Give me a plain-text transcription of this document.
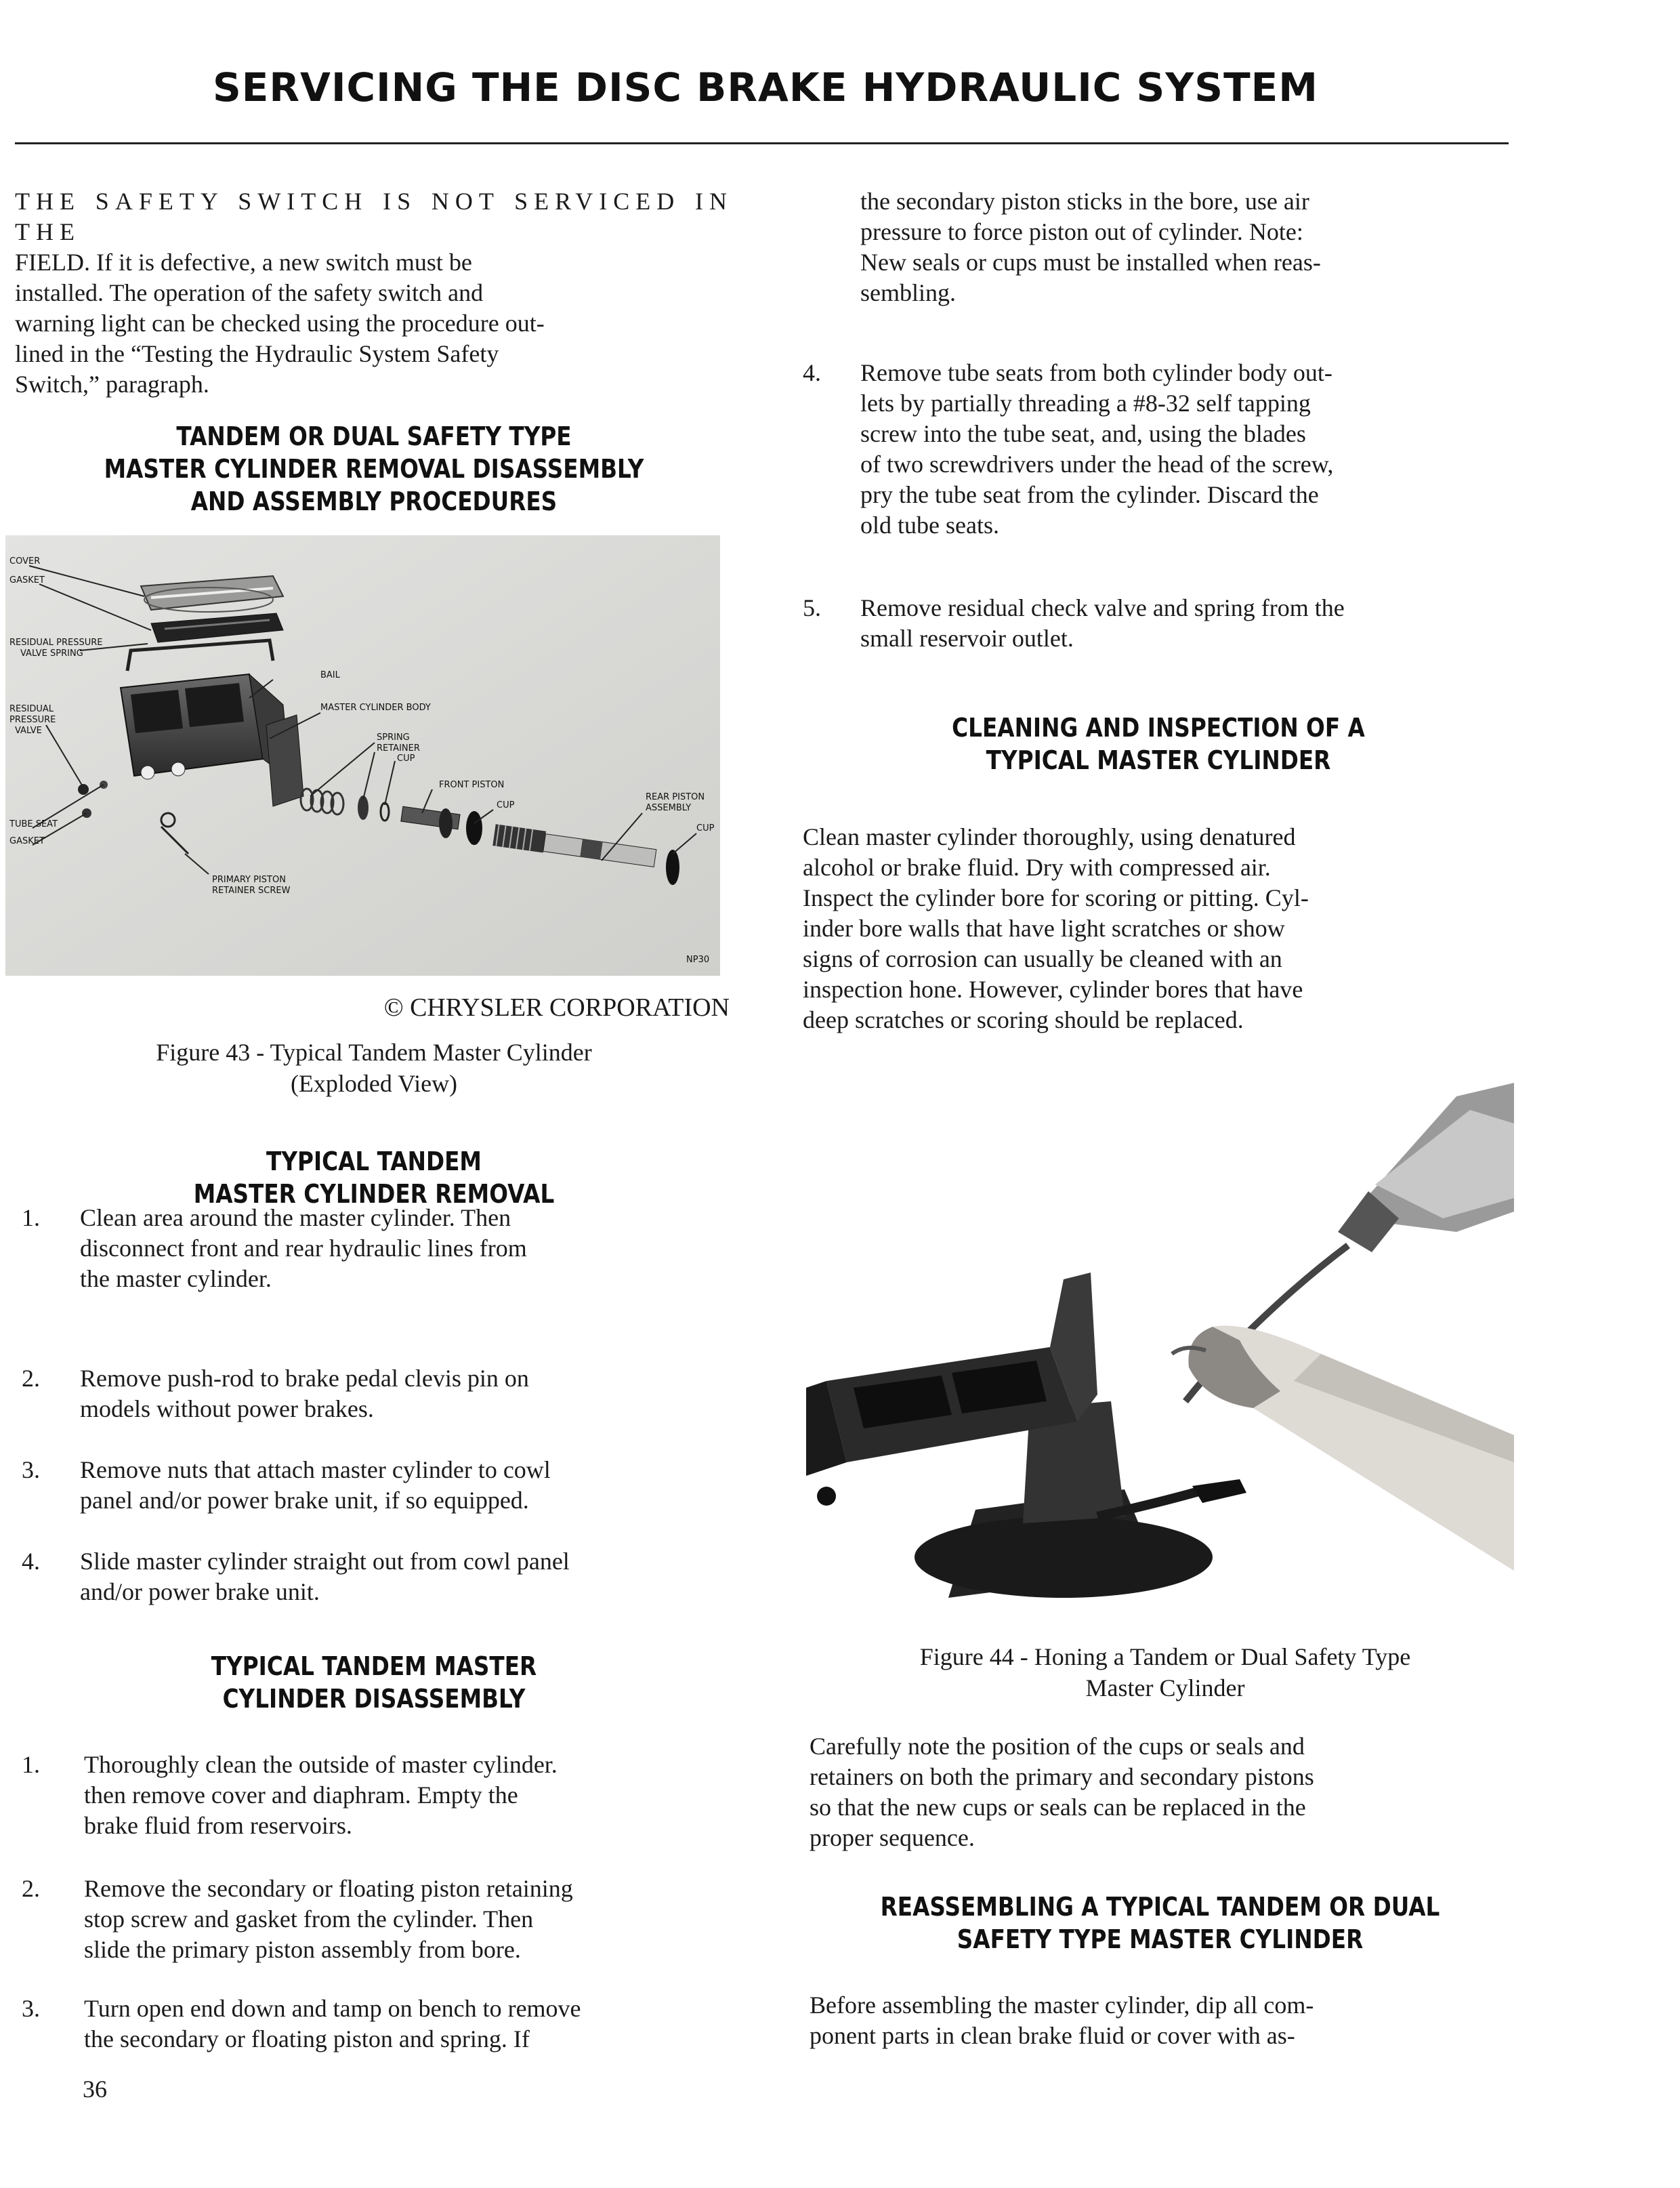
SERVICING THE DISC BRAKE HYDRAULIC SYSTEM
THE SAFETY SWITCH IS NOT SERVICED IN THE
FIELD. If it is defective, a new switch must be
installed. The operation of the safety switch and
warning light can be checked using the procedure out-
lined in the “Testing the Hydraulic System Safety
Switch,” paragraph.
TANDEM OR DUAL SAFETY TYPE
MASTER CYLINDER REMOVAL DISASSEMBLY
AND ASSEMBLY PROCEDURES
COVER
GASKET
RESIDUAL PRESSURE
VALVE SPRING
RESIDUAL
PRESSURE
VALVE
TUBE SEAT
GASKET
BAIL
MASTER CYLINDER BODY
SPRING
RETAINER
CUP
FRONT PISTON
CUP
REAR PISTON
ASSEMBLY
CUP
PRIMARY PISTON
RETAINER SCREW
NP30
© CHRYSLER CORPORATION
Figure 43 - Typical Tandem Master Cylinder
(Exploded View)
TYPICAL TANDEM
MASTER CYLINDER REMOVAL
1. Clean area around the master cylinder. Then
disconnect front and rear hydraulic lines from
the master cylinder.
2. Remove push-rod to brake pedal clevis pin on
models without power brakes.
3. Remove nuts that attach master cylinder to cowl
panel and/or power brake unit, if so equipped.
4. Slide master cylinder straight out from cowl panel
and/or power brake unit.
TYPICAL TANDEM MASTER
CYLINDER DISASSEMBLY
1. Thoroughly clean the outside of master cylinder.
then remove cover and diaphram. Empty the
brake fluid from reservoirs.
2. Remove the secondary or floating piston retaining
stop screw and gasket from the cylinder. Then
slide the primary piston assembly from bore.
3. Turn open end down and tamp on bench to remove
the secondary or floating piston and spring. If
36
the secondary piston sticks in the bore, use air
pressure to force piston out of cylinder. Note:
New seals or cups must be installed when reas-
sembling.
4. Remove tube seats from both cylinder body out-
lets by partially threading a #8-32 self tapping
screw into the tube seat, and, using the blades
of two screwdrivers under the head of the screw,
pry the tube seat from the cylinder. Discard the
old tube seats.
5. Remove residual check valve and spring from the
small reservoir outlet.
CLEANING AND INSPECTION OF A
TYPICAL MASTER CYLINDER
Clean master cylinder thoroughly, using denatured
alcohol or brake fluid. Dry with compressed air.
Inspect the cylinder bore for scoring or pitting. Cyl-
inder bore walls that have light scratches or show
signs of corrosion can usually be cleaned with an
inspection hone. However, cylinder bores that have
deep scratches or scoring should be replaced.
Figure 44 - Honing a Tandem or Dual Safety Type
Master Cylinder
Carefully note the position of the cups or seals and
retainers on both the primary and secondary pistons
so that the new cups or seals can be replaced in the
proper sequence.
REASSEMBLING A TYPICAL TANDEM OR DUAL
SAFETY TYPE MASTER CYLINDER
Before assembling the master cylinder, dip all com-
ponent parts in clean brake fluid or cover with as-
